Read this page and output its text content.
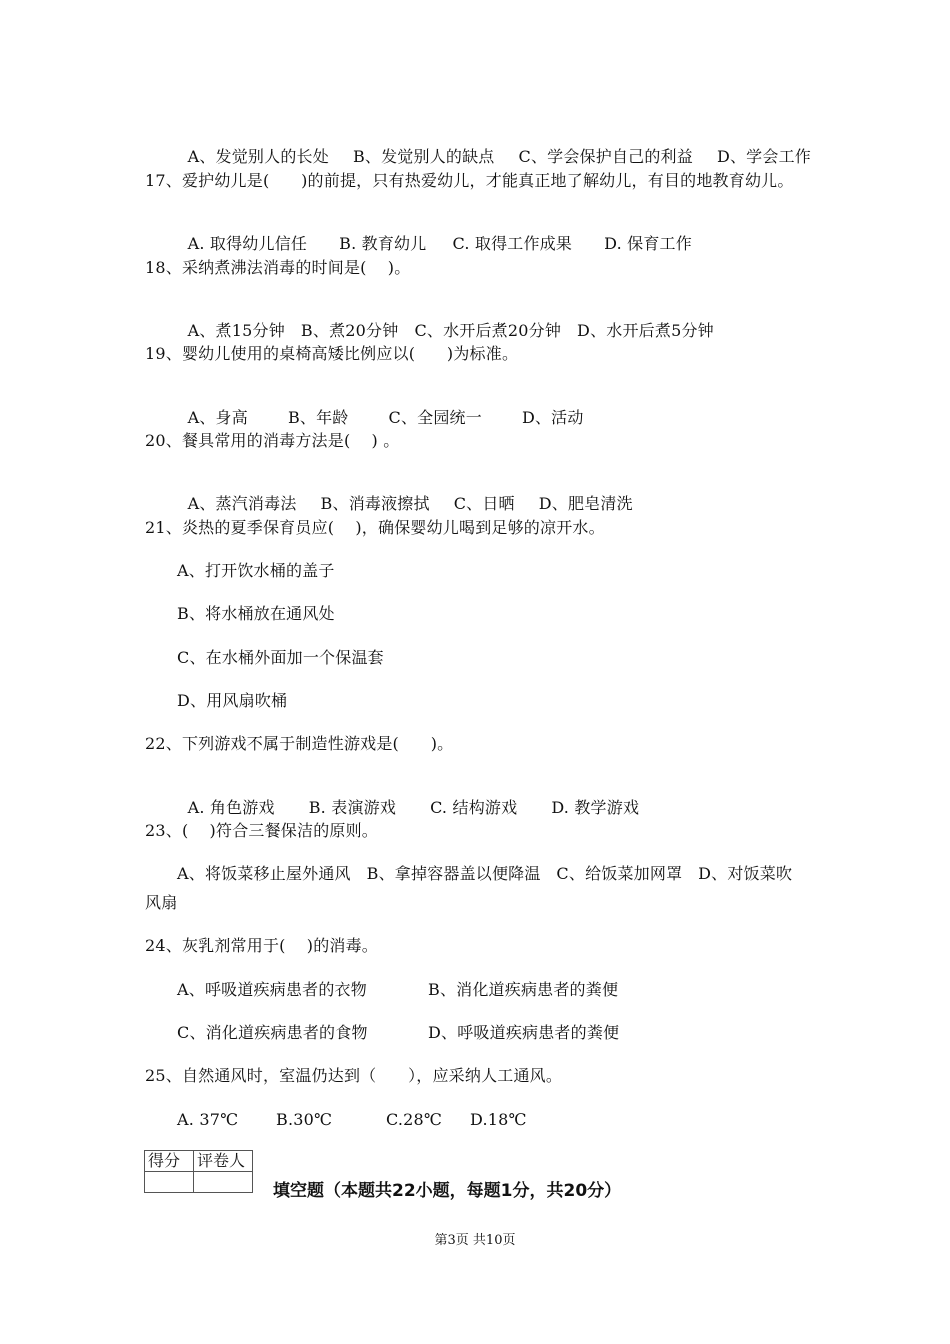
A、发觉别人的长处 B、发觉别人的缺点 C、学会保护自己的利益 D、学会工作

17、爱护幼儿是(      )的前提，只有热爱幼儿，才能真正地了解幼儿，有目的地教育幼儿。

A. 取得幼儿信任 B. 教育幼儿 C. 取得工作成果 D. 保育工作

18、采纳煮沸法消毒的时间是(    )。

A、煮15分钟 B、煮20分钟 C、水开后煮20分钟 D、水开后煮5分钟

19、婴幼儿使用的桌椅高矮比例应以(      )为标准。

A、身高	B、年龄	C、全园统一	D、活动

20、餐具常用的消毒方法是(    ) 。

A、蒸汽消毒法 B、消毒液擦拭 C、日晒 D、肥皂清洗

21、炎热的夏季保育员应(    )，确保婴幼儿喝到足够的凉开水。
A、打开饮水桶的盖子
B、将水桶放在通风处
C、在水桶外面加一个保温套
D、用风扇吹桶
22、下列游戏不属于制造性游戏是(      )。

A. 角色游戏 B. 表演游戏 C. 结构游戏 D. 教学游戏

23、(    )符合三餐保洁的原则。
A、将饭菜移止屋外通风   B、拿掉容器盖以便降温   C、给饭菜加网罩   D、对饭菜吹
风扇
24、灰乳剂常用于(    )的消毒。
A、呼吸道疾病患者的衣物	B、消化道疾病患者的粪便
C、消化道疾病患者的食物	D、呼吸道疾病患者的粪便
25、自然通风时，室温仍达到（      ），应采纳人工通风。
A. 37℃ B.30℃	C.28℃ D.18℃
得分	评卷人

填空题（本题共22小题，每题1分，共20分）
第3页 共10页
